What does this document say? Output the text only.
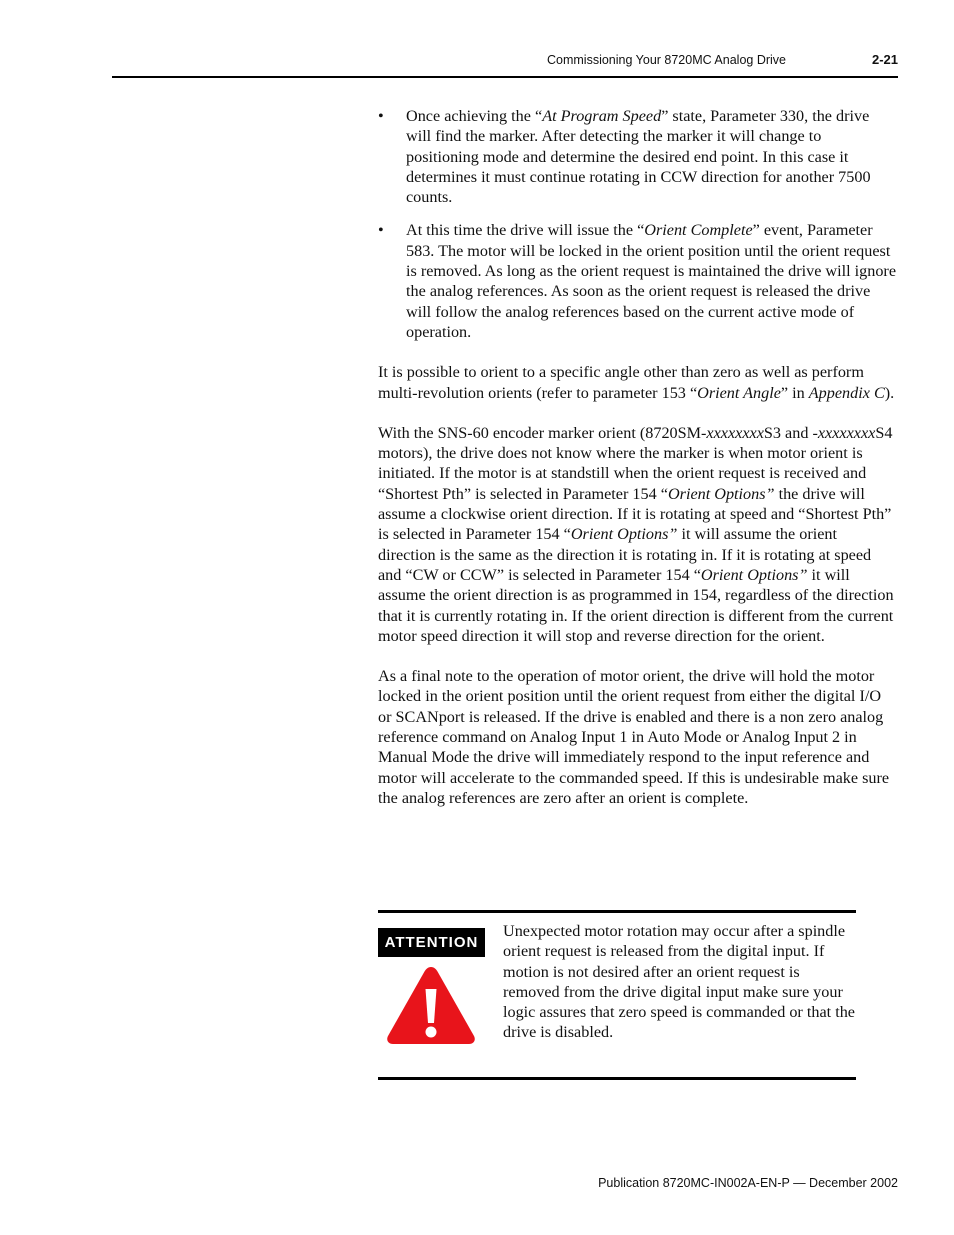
Commissioning Your 8720MC Analog Drive	2-21
• Once achieving the “At Program Speed” state, Parameter 330, the drive will find the marker. After detecting the marker it will change to positioning mode and determine the desired end point. In this case it determines it must continue rotating in CCW direction for another 7500 counts.
• At this time the drive will issue the “Orient Complete” event, Parameter 583. The motor will be locked in the orient position until the orient request is removed. As long as the orient request is maintained the drive will ignore the analog references. As soon as the orient request is released the drive will follow the analog references based on the current active mode of operation.

It is possible to orient to a specific angle other than zero as well as perform multi-revolution orients (refer to parameter 153 “Orient Angle” in Appendix C).

With the SNS-60 encoder marker orient (8720SM-xxxxxxxxS3 and -xxxxxxxxS4 motors), the drive does not know where the marker is when motor orient is initiated. If the motor is at standstill when the orient request is received and “Shortest Pth” is selected in Parameter 154 “Orient Options” the drive will assume a clockwise orient direction. If it is rotating at speed and “Shortest Pth” is selected in Parameter 154 “Orient Options” it will assume the orient direction is the same as the direction it is rotating in. If it is rotating at speed and “CW or CCW” is selected in Parameter 154 “Orient Options” it will assume the orient direction is as programmed in 154, regardless of the direction that it is currently rotating in. If the orient direction is different from the current motor speed direction it will stop and reverse direction for the orient.

As a final note to the operation of motor orient, the drive will hold the motor locked in the orient position until the orient request from either the digital I/O or SCANport is released. If the drive is enabled and there is a non zero analog reference command on Analog Input 1 in Auto Mode or Analog Input 2 in Manual Mode the drive will immediately respond to the input reference and motor will accelerate to the commanded speed. If this is undesirable make sure the analog references are zero after an orient is complete.

ATTENTION
Unexpected motor rotation may occur after a spindle orient request is released from the digital input. If motion is not desired after an orient request is removed from the drive digital input make sure your logic assures that zero speed is commanded or that the drive is disabled.
Publication 8720MC-IN002A-EN-P — December 2002
